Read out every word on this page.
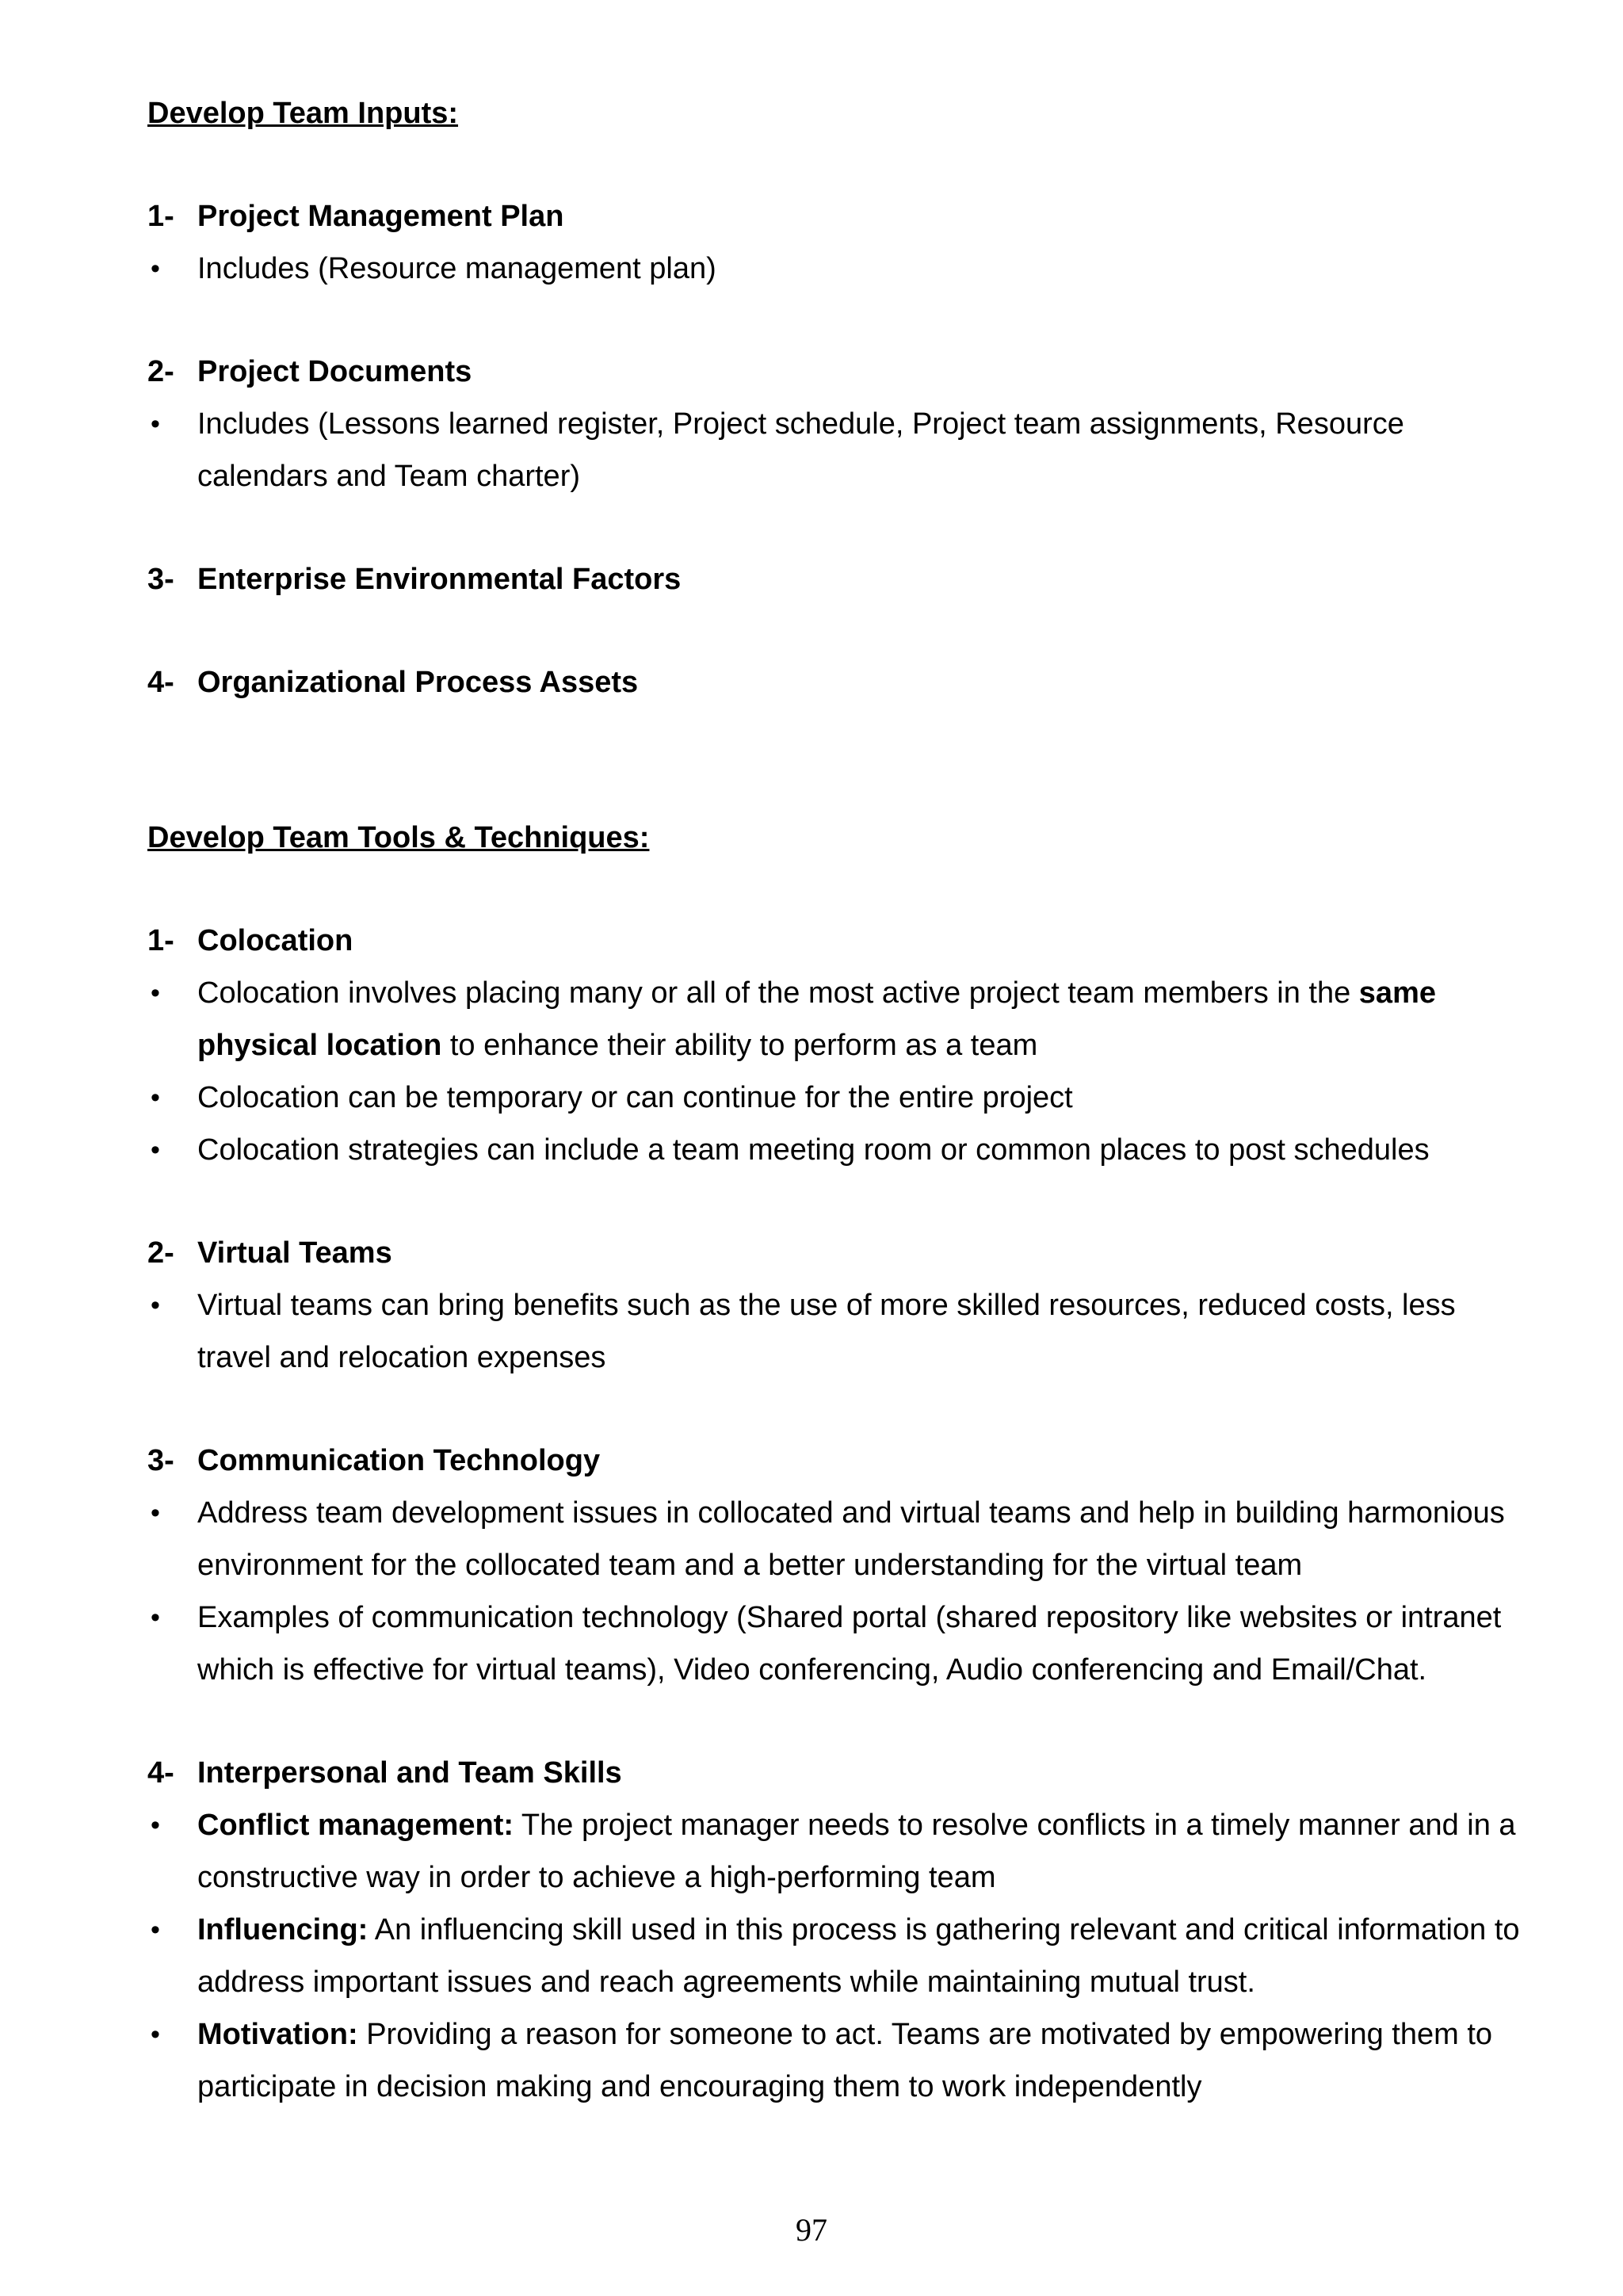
Develop Team Inputs:

1- Project Management Plan

• Includes (Resource management plan)

2- Project Documents

• Includes (Lessons learned register, Project schedule, Project team assignments, Resource calendars and Team charter)

3- Enterprise Environmental Factors

4- Organizational Process Assets

Develop Team Tools & Techniques:

1- Colocation

• Colocation involves placing many or all of the most active project team members in the same physical location to enhance their ability to perform as a team
• Colocation can be temporary or can continue for the entire project
• Colocation strategies can include a team meeting room or common places to post schedules

2- Virtual Teams

• Virtual teams can bring benefits such as the use of more skilled resources, reduced costs, less travel and relocation expenses

3- Communication Technology

• Address team development issues in collocated and virtual teams and help in building harmonious environment for the collocated team and a better understanding for the virtual team
• Examples of communication technology (Shared portal (shared repository like websites or intranet which is effective for virtual teams), Video conferencing, Audio conferencing and Email/Chat.

4- Interpersonal and Team Skills

• Conflict management: The project manager needs to resolve conflicts in a timely manner and in a constructive way in order to achieve a high-performing team
• Influencing: An influencing skill used in this process is gathering relevant and critical information to address important issues and reach agreements while maintaining mutual trust.
• Motivation: Providing a reason for someone to act. Teams are motivated by empowering them to participate in decision making and encouraging them to work independently
97
